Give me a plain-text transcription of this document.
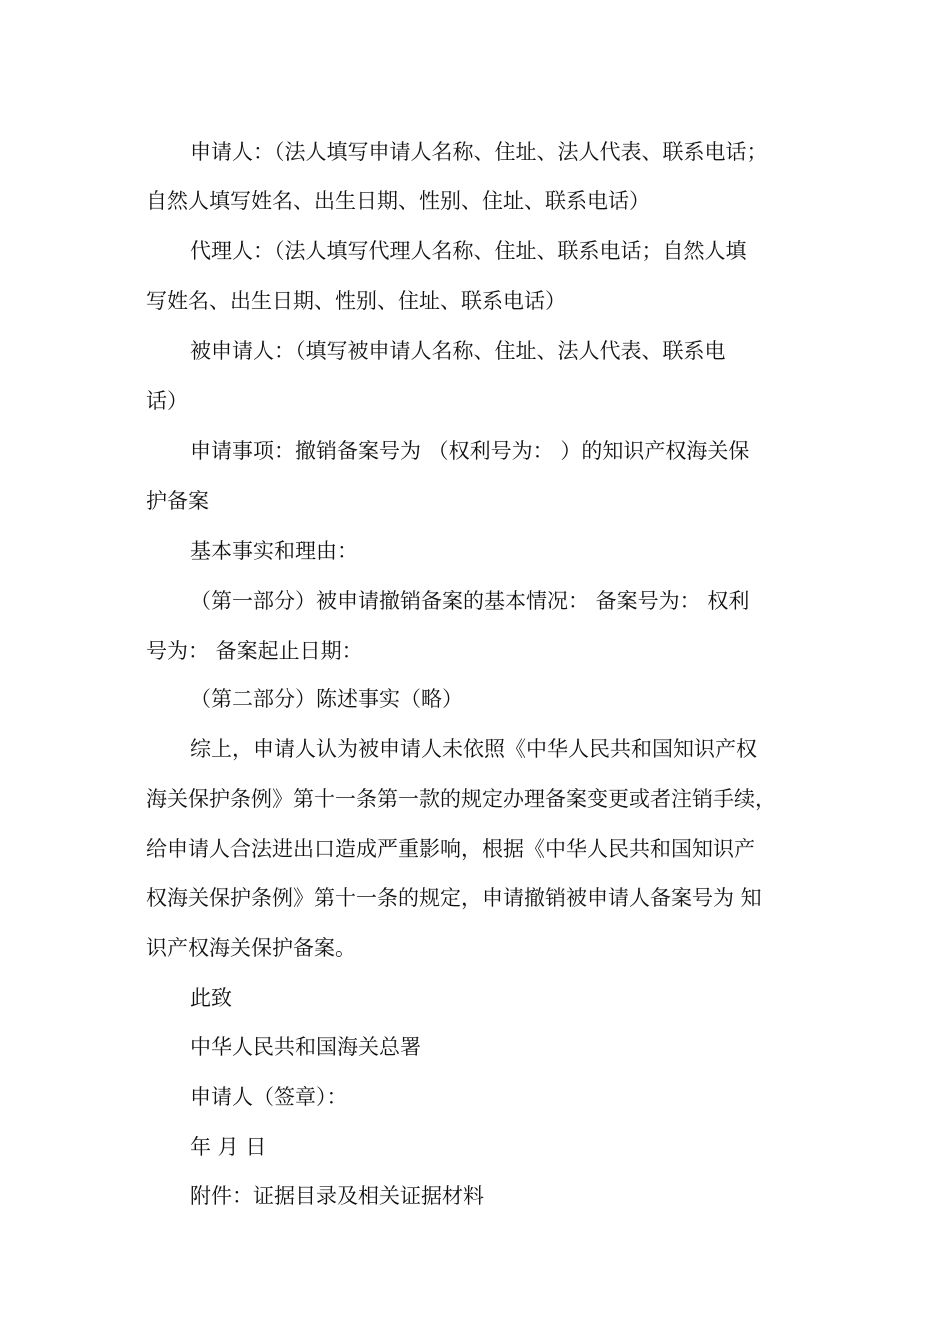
申请人：（法人填写申请人名称、住址、法人代表、联系电话；
自然人填写姓名、出生日期、性别、住址、联系电话）
代理人：（法人填写代理人名称、住址、联系电话；自然人填
写姓名、出生日期、性别、住址、联系电话）
被申请人：（填写被申请人名称、住址、法人代表、联系电
话）
申请事项：撤销备案号为 （权利号为： ）的知识产权海关保
护备案
基本事实和理由：
（第一部分）被申请撤销备案的基本情况： 备案号为： 权利
号为： 备案起止日期：
（第二部分）陈述事实（略）
综上，申请人认为被申请人未依照《中华人民共和国知识产权
海关保护条例》第十一条第一款的规定办理备案变更或者注销手续，
给申请人合法进出口造成严重影响，根据《中华人民共和国知识产
权海关保护条例》第十一条的规定，申请撤销被申请人备案号为 知
识产权海关保护备案。
此致
中华人民共和国海关总署
申请人（签章）：
年 月 日
附件：证据目录及相关证据材料
